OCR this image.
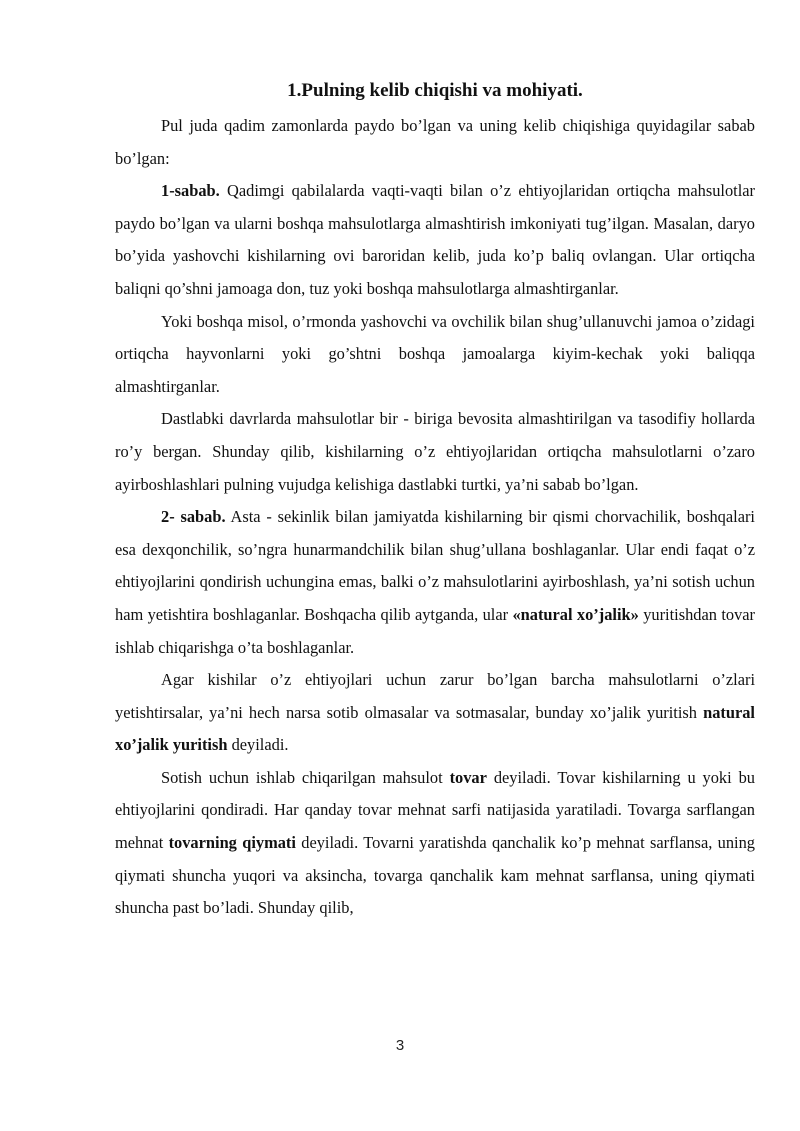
1.Pulning kelib chiqishi va mohiyati.

Pul juda qadim zamonlarda paydo bo’lgan va uning kelib chiqishiga quyidagilar sabab bo’lgan:

1-sabab. Qadimgi qabilalarda vaqti-vaqti bilan o’z ehtiyojlaridan ortiqcha mahsulotlar paydo bo’lgan va ularni boshqa mahsulotlarga almashtirish imkoniyati tug’ilgan. Masalan, daryo bo’yida yashovchi kishilarning ovi baroridan kelib, juda ko’p baliq ovlangan. Ular ortiqcha baliqni qo’shni jamoaga don, tuz yoki boshqa mahsulotlarga almashtirganlar.

Yoki boshqa misol, o’rmonda yashovchi va ovchilik bilan shug’ullanuvchi jamoa o’zidagi ortiqcha hayvonlarni yoki go’shtni boshqa jamoalarga kiyim-kechak yoki baliqqa almashtirganlar.

Dastlabki davrlarda mahsulotlar bir - biriga bevosita almashtirilgan va tasodifiy hollarda ro’y bergan. Shunday qilib, kishilarning o’z ehtiyojlaridan ortiqcha mahsulotlarni o’zaro ayirboshlashlari pulning vujudga kelishiga dastlabki turtki, ya’ni sabab bo’lgan.

2- sabab. Asta - sekinlik bilan jamiyatda kishilarning bir qismi chorvachilik, boshqalari esa dexqonchilik, so’ngra hunarmandchilik bilan shug’ullana boshlaganlar. Ular endi faqat o’z ehtiyojlarini qondirish uchungina emas, balki o’z mahsulotlarini ayirboshlash, ya’ni sotish uchun ham yetishtira boshlaganlar. Boshqacha qilib aytganda, ular «natural xo’jalik» yuritishdan tovar ishlab chiqarishga o’ta boshlaganlar.

Agar kishilar o’z ehtiyojlari uchun zarur bo’lgan barcha mahsulotlarni o’zlari yetishtirsalar, ya’ni hech narsa sotib olmasalar va sotmasalar, bunday xo’jalik yuritish natural xo’jalik yuritish deyiladi.

Sotish uchun ishlab chiqarilgan mahsulot tovar deyiladi. Tovar kishilarning u yoki bu ehtiyojlarini qondiradi. Har qanday tovar mehnat sarfi natijasida yaratiladi. Tovarga sarflangan mehnat tovarning qiymati deyiladi. Tovarni yaratishda qanchalik ko’p mehnat sarflansa, uning qiymati shuncha yuqori va aksincha, tovarga qanchalik kam mehnat sarflansa, uning qiymati shuncha past bo’ladi. Shunday qilib,

3
